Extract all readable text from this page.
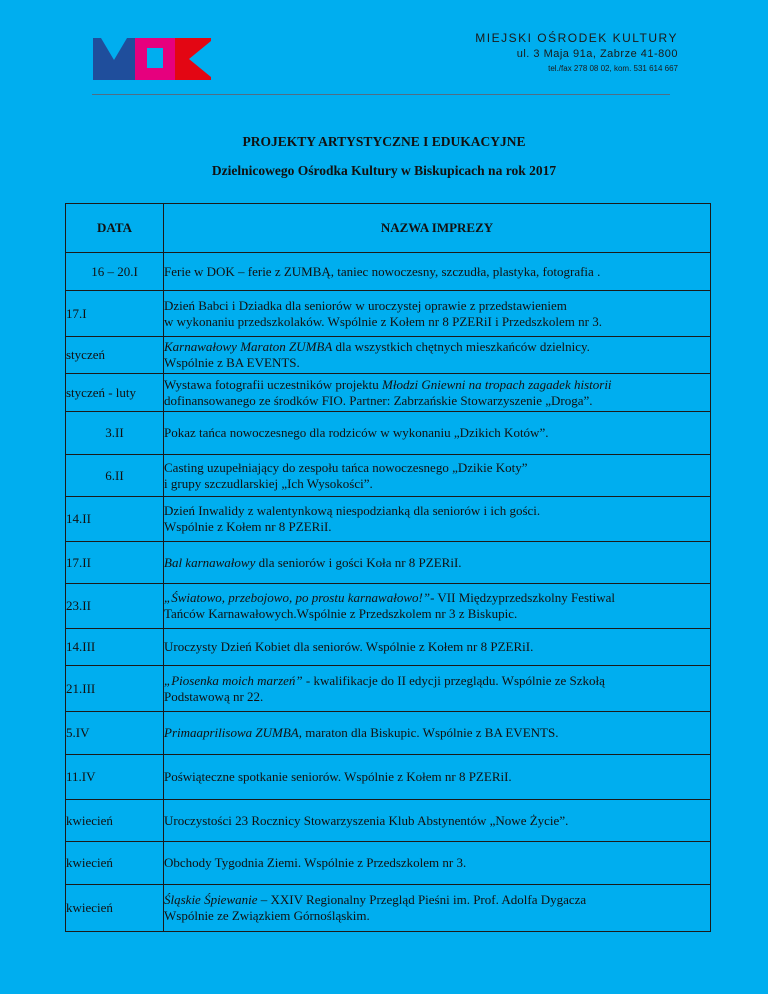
MIEJSKI OŚRODEK KULTURY
ul. 3 Maja 91a, Zabrze 41-800
tel./fax 278 08 02, kom. 531 614 667
PROJEKTY ARTYSTYCZNE I EDUKACYJNE
Dzielnicowego Ośrodka Kultury w Biskupicach na rok 2017
DATA	NAZWA IMPREZY
16 – 20.I	Ferie w DOK – ferie z ZUMBĄ, taniec nowoczesny, szczudła, plastyka, fotografia .

17.I	Dzień Babci i Dziadka dla seniorów w uroczystej oprawie z przedstawieniem
w wykonaniu przedszkolaków. Wspólnie z Kołem nr 8 PZERiI i Przedszkolem nr 3.

styczeń	Karnawałowy Maraton ZUMBA dla wszystkich chętnych mieszkańców dzielnicy.
Wspólnie z BA EVENTS.

styczeń - luty	Wystawa fotografii uczestników projektu Młodzi Gniewni na tropach zagadek historii
dofinansowanego ze środków FIO. Partner: Zabrzańskie Stowarzyszenie „Droga”.

3.II	Pokaz tańca nowoczesnego dla rodziców w wykonaniu „Dzikich Kotów”.

6.II	Casting uzupełniający do zespołu tańca nowoczesnego „Dzikie Koty”
i grupy szczudlarskiej „Ich Wysokości”.

14.II	Dzień Inwalidy z walentynkową niespodzianką dla seniorów i ich gości.
Wspólnie z Kołem nr 8 PZERiI.

17.II	Bal karnawałowy dla seniorów i gości Koła nr 8 PZERiI.

23.II	„Światowo, przebojowo, po prostu karnawałowo!”- VII Międzyprzedszkolny Festiwal
Tańców Karnawałowych.Wspólnie z Przedszkolem nr 3 z Biskupic.

14.III	Uroczysty Dzień Kobiet dla seniorów. Wspólnie z Kołem nr 8 PZERiI.

21.III	„Piosenka moich marzeń” - kwalifikacje do II edycji przeglądu. Wspólnie ze Szkołą
Podstawową nr 22.

5.IV	Primaaprilisowa ZUMBA, maraton dla Biskupic. Wspólnie z BA EVENTS.

11.IV	Poświąteczne spotkanie seniorów. Wspólnie z Kołem nr 8 PZERiI.

kwiecień	Uroczystości 23 Rocznicy Stowarzyszenia Klub Abstynentów „Nowe Życie”.

kwiecień	Obchody Tygodnia Ziemi. Wspólnie z Przedszkolem nr 3.

kwiecień	Śląskie Śpiewanie – XXIV Regionalny Przegląd Pieśni im. Prof. Adolfa Dygacza
Wspólnie ze Związkiem Górnośląskim.
